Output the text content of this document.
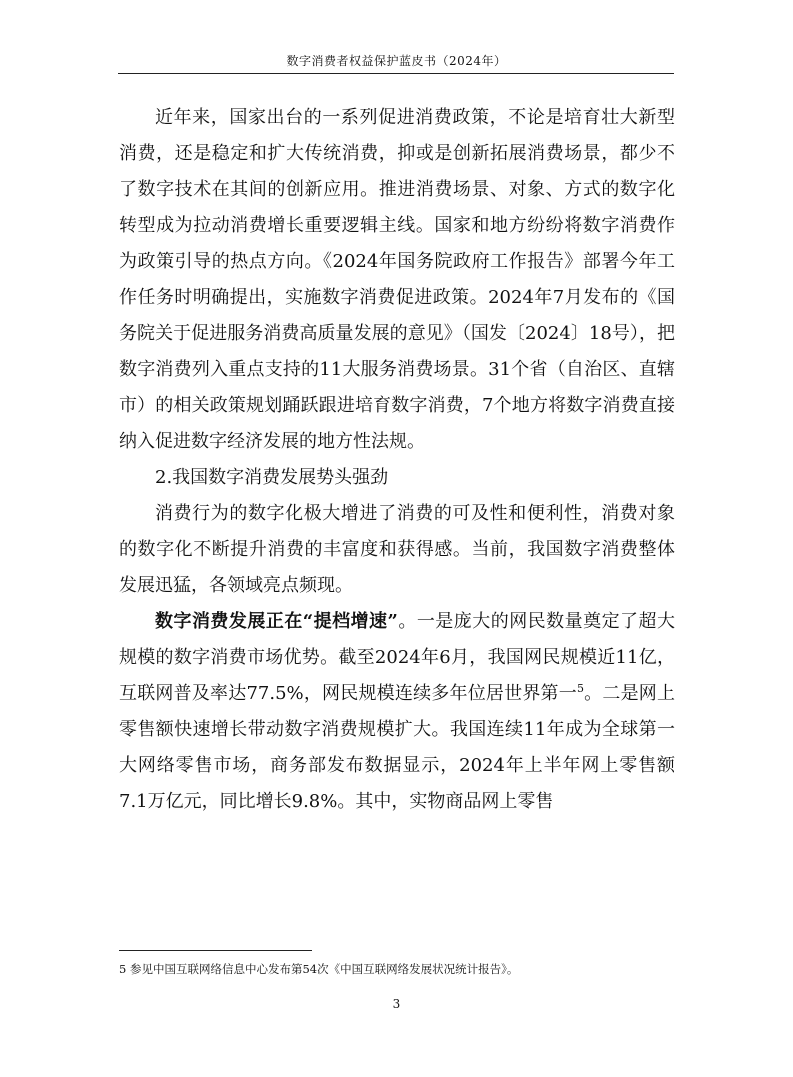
数字消费者权益保护蓝皮书（2024年）

近年来，国家出台的一系列促进消费政策，不论是培育壮大新型消费，还是稳定和扩大传统消费，抑或是创新拓展消费场景，都少不了数字技术在其间的创新应用。推进消费场景、对象、方式的数字化转型成为拉动消费增长重要逻辑主线。国家和地方纷纷将数字消费作为政策引导的热点方向。《2024年国务院政府工作报告》部署今年工作任务时明确提出，实施数字消费促进政策。2024年7月发布的《国务院关于促进服务消费高质量发展的意见》（国发〔2024〕18号），把数字消费列入重点支持的11大服务消费场景。31个省（自治区、直辖市）的相关政策规划踊跃跟进培育数字消费，7个地方将数字消费直接纳入促进数字经济发展的地方性法规。

2.我国数字消费发展势头强劲

消费行为的数字化极大增进了消费的可及性和便利性，消费对象的数字化不断提升消费的丰富度和获得感。当前，我国数字消费整体发展迅猛，各领域亮点频现。

数字消费发展正在“提档增速”。一是庞大的网民数量奠定了超大规模的数字消费市场优势。截至2024年6月，我国网民规模近11亿，互联网普及率达77.5%，网民规模连续多年位居世界第一$^5$。二是网上零售额快速增长带动数字消费规模扩大。我国连续11年成为全球第一大网络零售市场，商务部发布数据显示，2024年上半年网上零售额7.1万亿元，同比增长9.8%。其中，实物商品网上零售

5 参见中国互联网络信息中心发布第54次《中国互联网络发展状况统计报告》。
3
